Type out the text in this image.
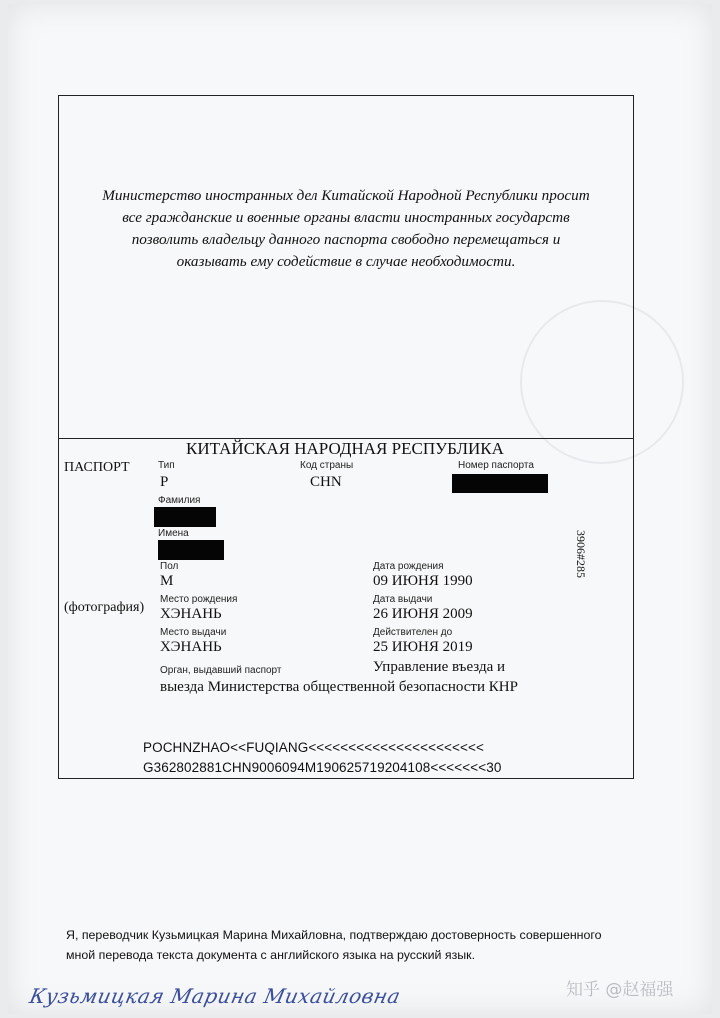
Министерство иностранных дел Китайской Народной Республики просит
все гражданские и военные органы власти иностранных государств
позволить владельцу данного паспорта свободно перемещаться и
оказывать ему содействие в случае необходимости.
КИТАЙСКАЯ НАРОДНАЯ РЕСПУБЛИКА
ПАСПОРТ
(фотография)
Тип
P
Код страны
CHN
Номер паспорта
Фамилия
Имена
Пол
М
Дата рождения
09 ИЮНЯ 1990
Место рождения
ХЭНАНЬ
Дата выдачи
26 ИЮНЯ 2009
Место выдачи
ХЭНАНЬ
Действителен до
25 ИЮНЯ 2019
Орган, выдавший паспорт	Управление въезда и
выезда Министерства общественной безопасности КНР
3906#285
POCHNZHAO<<FUQIANG<<<<<<<<<<<<<<<<<<<<<<
G362802881CHN9006094M190625719204108<<<<<<<30
Я, переводчик Кузьмицкая Марина Михайловна, подтверждаю достоверность совершенного
мной перевода текста документа с английского языка на русский язык.
Кузьмицкая Марина Михайловна	知乎 @赵福强
